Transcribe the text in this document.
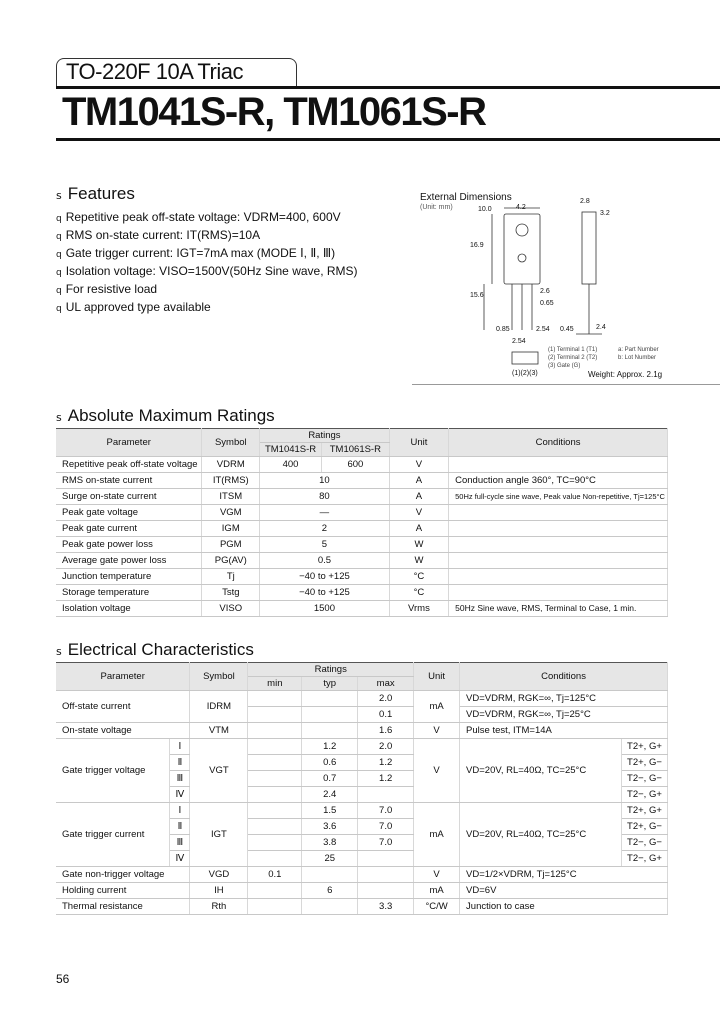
TO-220F 10A Triac
TM1041S-R, TM1061S-R
s Features
q Repetitive peak off-state voltage: VDRM=400, 600V
q RMS on-state current: IT(RMS)=10A
q Gate trigger current: IGT=7mA max (MODE Ⅰ, Ⅱ, Ⅲ)
q Isolation voltage: VISO=1500V(50Hz Sine wave, RMS)
q For resistive load
q UL approved type available
External Dimensions
(Unit: mm)	10.0	4.2
2.8
3.2
16.9
15.6
2.6
0.65
2.54 0.45	2.4
0.85
2.54
(1) Terminal 1 (T1)
(2) Terminal 2 (T2)
(3) Gate (G)
a: Part Number
b: Lot Number
(1)(2)(3)	Weight: Approx. 2.1g
s Absolute Maximum Ratings
Parameter	Symbol	Ratings		Unit	Conditions
		TM1041S-R	TM1061S-R		
Repetitive peak off-state voltage	VDRM	400	600	V	
RMS on-state current	IT(RMS)	10		A	Conduction angle 360°, TC=90°C
Surge on-state current	ITSM	80		A	50Hz full-cycle sine wave, Peak value Non-repetitive, Tj=125°C
Peak gate voltage	VGM	—		V	
Peak gate current	IGM	2		A	
Peak gate power loss	PGM	5		W	
Average gate power loss	PG(AV)	0.5		W	
Junction temperature	Tj	−40 to +125		°C	
Storage temperature	Tstg	−40 to +125		°C	
Isolation voltage	VISO	1500		Vrms	50Hz Sine wave, RMS, Terminal to Case, 1 min.
s Electrical Characteristics
Parameter		Symbol	Ratings			Unit	Conditions	
			min	typ	max			
Off-state current		IDRM			2.0	mA	VD=VDRM, RGK=∞, Tj=125°C	
					0.1		VD=VDRM, RGK=∞, Tj=25°C	
On-state voltage		VTM			1.6	V	Pulse test, ITM=14A	
Gate trigger voltage	Ⅰ	VGT		1.2	2.0	V	VD=20V, RL=40Ω, TC=25°C	T2+, G+
	Ⅱ			0.6	1.2			T2+, G−
	Ⅲ			0.7	1.2			T2−, G−
	Ⅳ			2.4				T2−, G+
Gate trigger current	Ⅰ	IGT		1.5	7.0	mA	VD=20V, RL=40Ω, TC=25°C	T2+, G+
	Ⅱ			3.6	7.0			T2+, G−
	Ⅲ			3.8	7.0			T2−, G−
	Ⅳ			25				T2−, G+
Gate non-trigger voltage		VGD	0.1			V	VD=1/2×VDRM, Tj=125°C	
Holding current		IH		6		mA	VD=6V	
Thermal resistance		Rth			3.3	°C/W	Junction to case	
56
